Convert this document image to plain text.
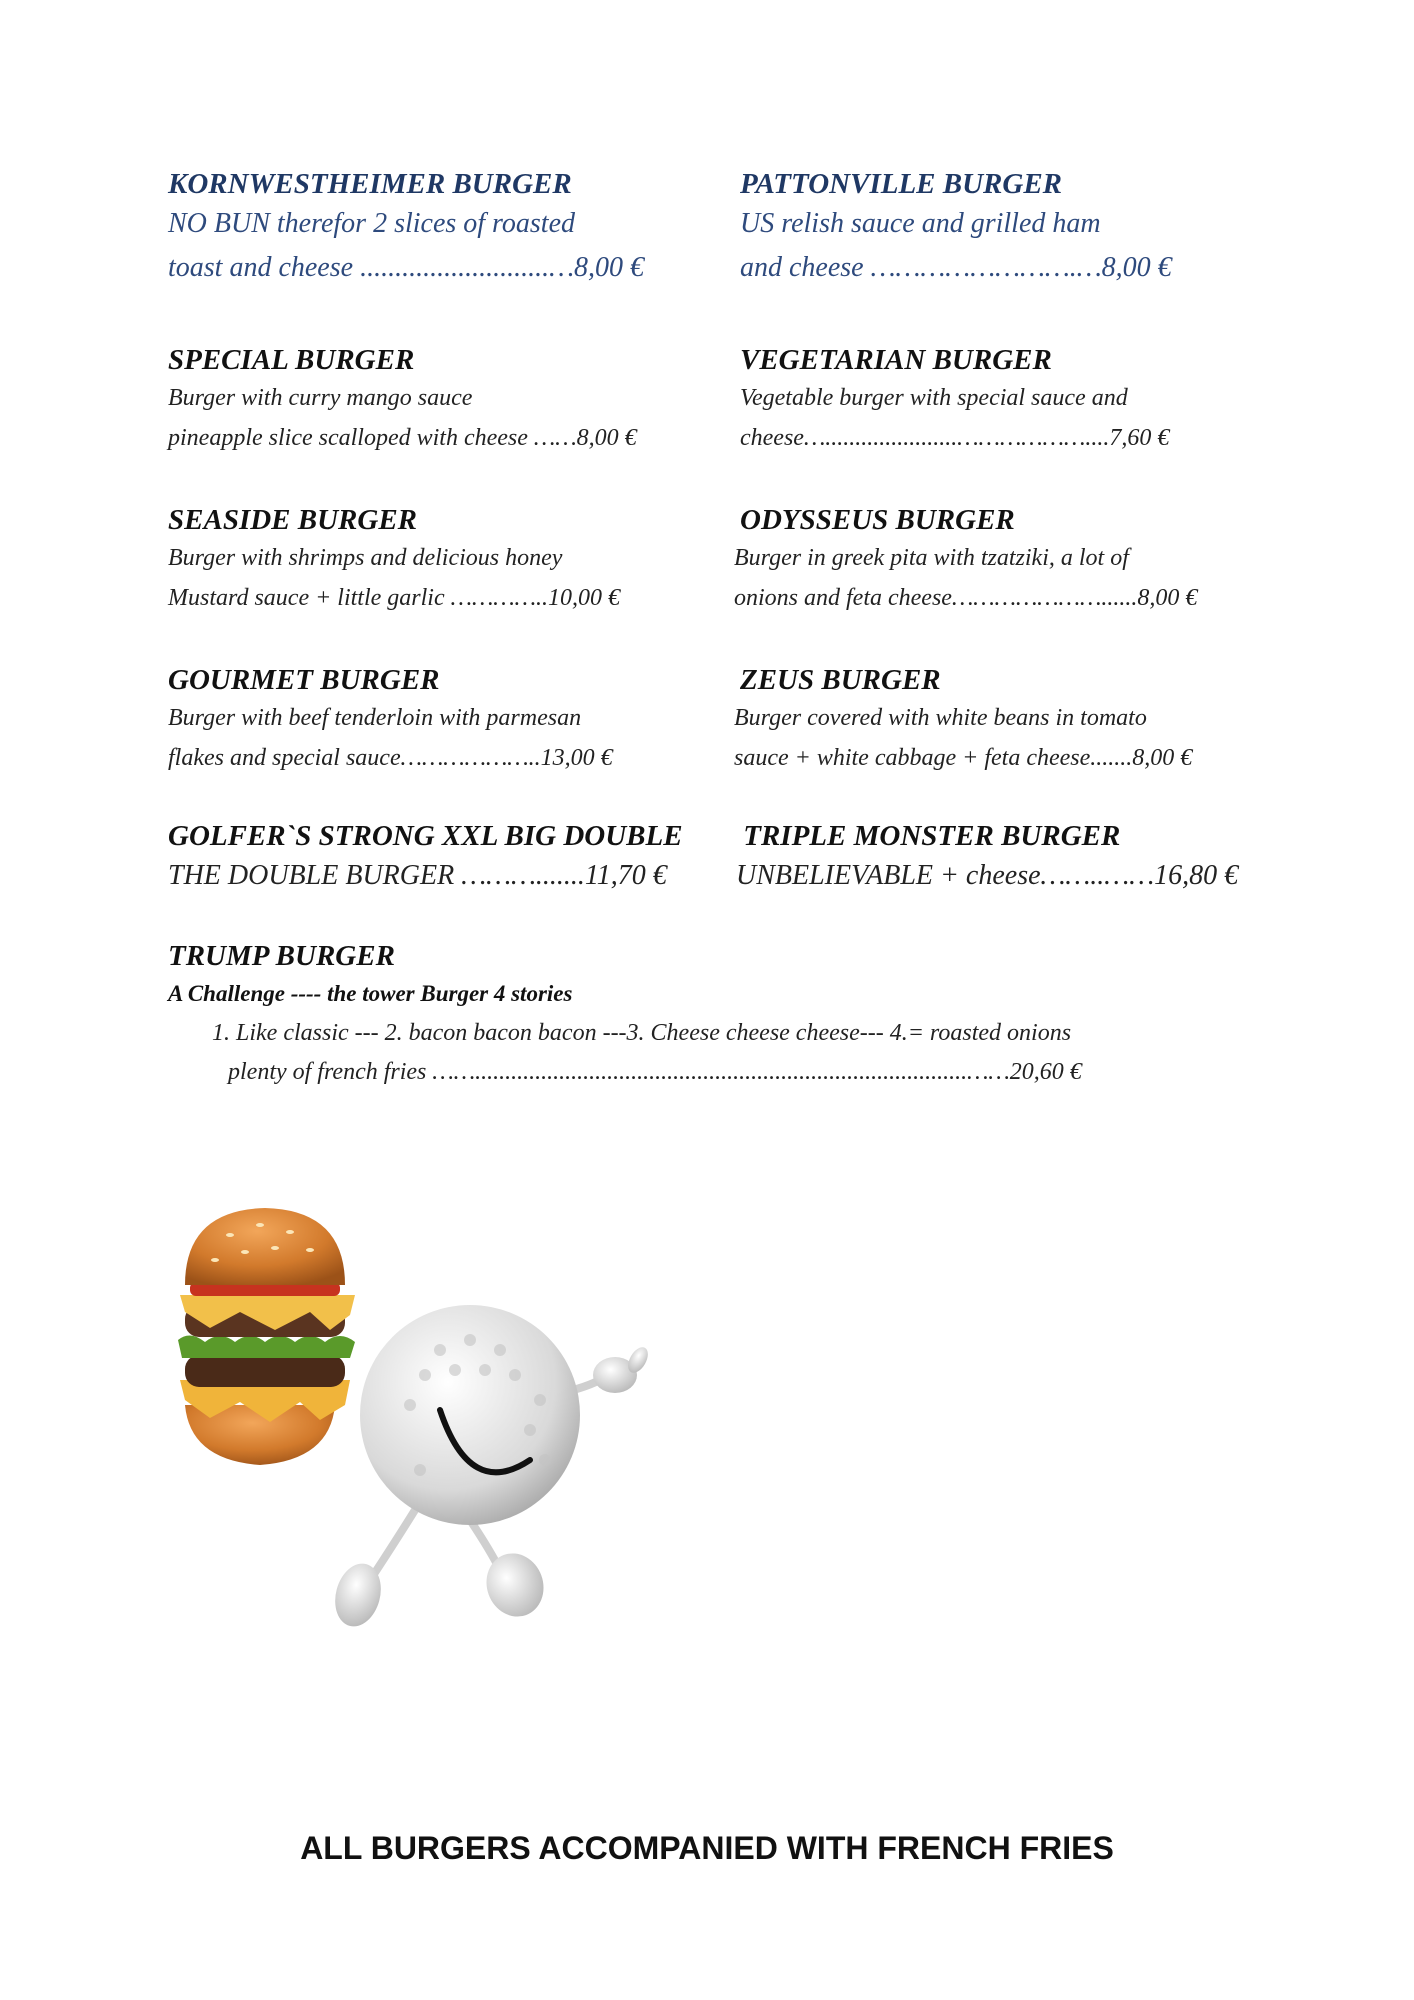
KORNWESTHEIMER BURGER
NO BUN therefor 2 slices of roasted
toast and cheese ...........................…8,00 €
SPECIAL BURGER
Burger with curry mango sauce
pineapple slice scalloped with cheese ……8,00 €
SEASIDE BURGER
Burger with shrimps and delicious honey
Mustard sauce + little garlic …………..10,00 €
GOURMET BURGER
Burger with beef tenderloin with parmesan
flakes and special sauce………………..13,00 €
GOLFER`S STRONG XXL BIG DOUBLE
THE DOUBLE BURGER ……….......11,70 €
PATTONVILLE BURGER
US relish sauce and grilled ham
and cheese …………………….…8,00 €
VEGETARIAN BURGER
Vegetable burger with special sauce and
cheese…......................………………....7,60 €
ODYSSEUS BURGER
Burger in greek pita with tzatziki, a lot of
onions and feta cheese…………………......8,00 €
ZEUS BURGER
Burger covered with white beans in tomato
sauce + white cabbage + feta cheese.......8,00 €
TRIPLE MONSTER BURGER
UNBELIEVABLE + cheese……..……16,80 €
TRUMP BURGER
A Challenge ---- the tower Burger 4 stories
1. Like classic --- 2. bacon bacon bacon ---3. Cheese cheese cheese--- 4.= roasted onions
plenty of french fries ……..................................................................................……20,60 €
ALL BURGERS ACCOMPANIED WITH FRENCH FRIES
